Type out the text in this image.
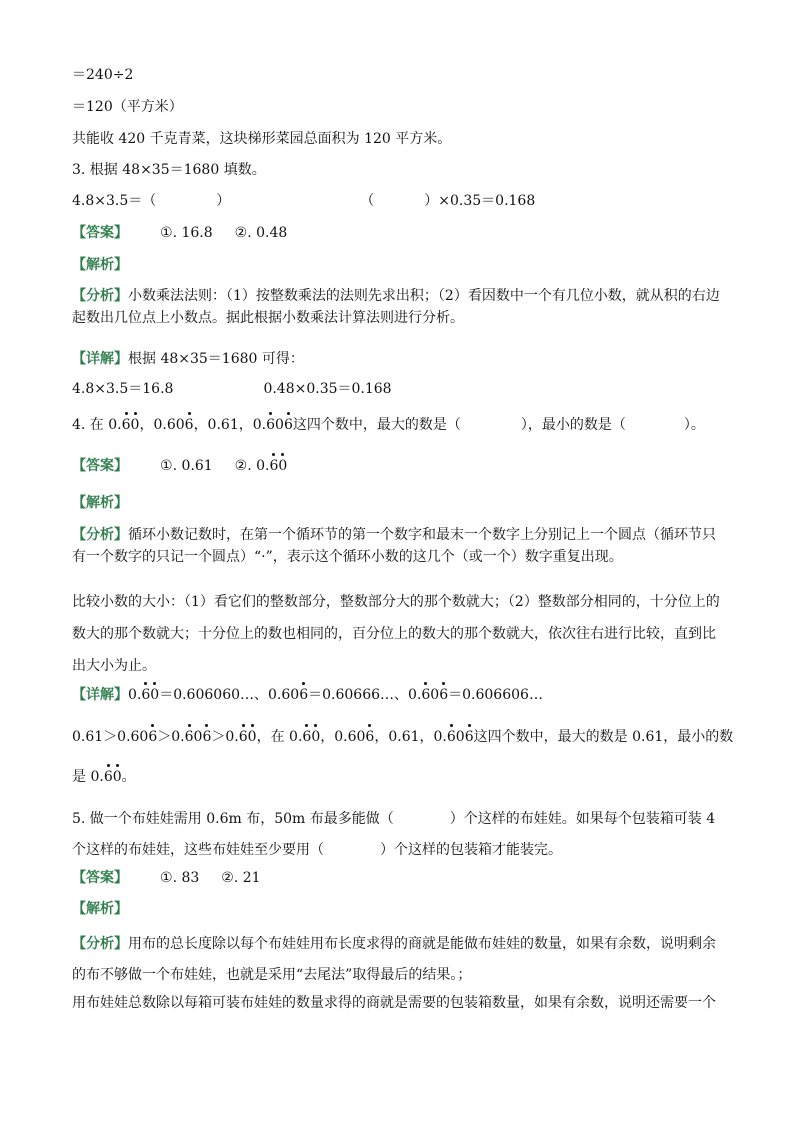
＝240÷2
＝120（平方米）
共能收 420 千克青菜，这块梯形菜园总面积为 120 平方米。
3. 根据 48×35＝1680 填数。
4.8×3.5＝（	）	（	）×0.35＝0.168
【答案】 ①. 16.8 ②. 0.48
【解析】
【分析】小数乘法法则：（1）按整数乘法的法则先求出积；（2）看因数中一个有几位小数，就从积的右边起数出几位点上小数点。据此根据小数乘法计算法则进行分析。
【详解】根据 48×35＝1680 可得：
4.8×3.5＝16.8	0.48×0.35＝0.168
4. 在 0.60，0.606，0.61，0.606这四个数中，最大的数是（	），最小的数是（	）。
【答案】 ①. 0.61 ②. 0.60
【解析】
【分析】循环小数记数时，在第一个循环节的第一个数字和最末一个数字上分别记上一个圆点（循环节只有一个数字的只记一个圆点）“·”，表示这个循环小数的这几个（或一个）数字重复出现。
比较小数的大小：（1）看它们的整数部分，整数部分大的那个数就大；（2）整数部分相同的，十分位上的数大的那个数就大；十分位上的数也相同的，百分位上的数大的那个数就大，依次往右进行比较，直到比出大小为止。
【详解】0.60＝0.606060…、0.606＝0.60666…、0.606＝0.606606…
0.61＞0.606＞0.606＞0.60，在 0.60，0.606，0.61，0.606这四个数中，最大的数是 0.61，最小的数
是 0.60。
5. 做一个布娃娃需用 0.6m 布，50m 布最多能做（　　　　）个这样的布娃娃。如果每个包装箱可装 4 个这样的布娃娃，这些布娃娃至少要用（　　　　）个这样的包装箱才能装完。
【答案】 ①. 83 ②. 21
【解析】
【分析】用布的总长度除以每个布娃娃用布长度求得的商就是能做布娃娃的数量，如果有余数，说明剩余的布不够做一个布娃娃，也就是采用“去尾法”取得最后的结果。；
用布娃娃总数除以每箱可装布娃娃的数量求得的商就是需要的包装箱数量，如果有余数，说明还需要一个
